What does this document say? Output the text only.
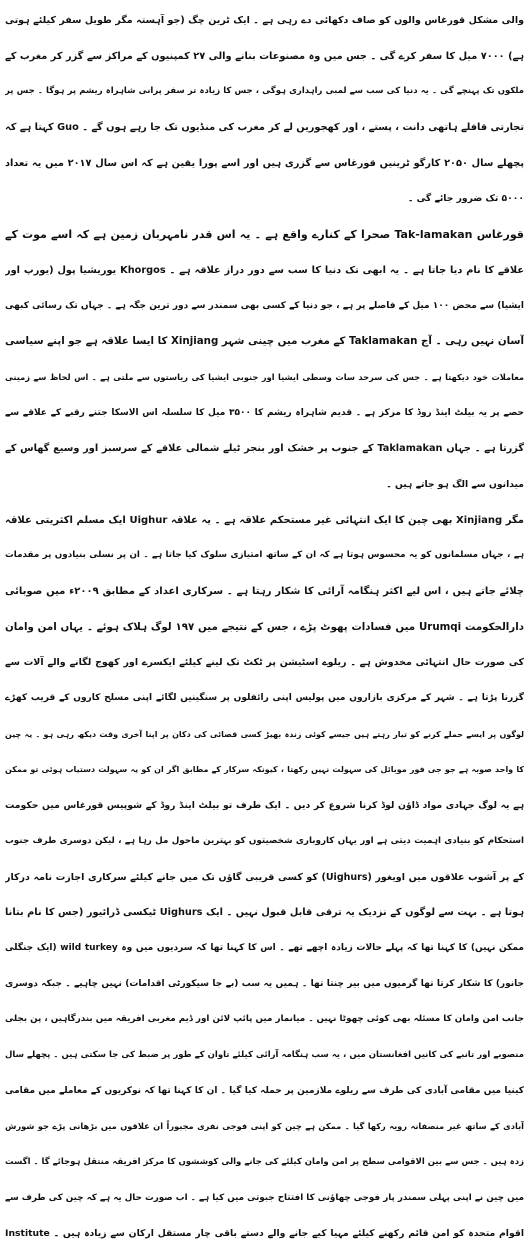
والی مشکل قورغاس والوں کو صاف دکھائی دے رہی ہے ۔ ایک ٹرین چگ (جو آہستہ مگر طویل سفر کیلئے ہوتی
ہے) ۷۰۰۰ میل کا سفر کرے گی ۔ جس میں وہ مصنوعات بنانے والی ۲۷ کمپنیوں کے مراکز سے گزر کر مغرب کے
ملکوں تک پہنچے گی ۔ یہ دنیا کی سب سے لمبی راہداری ہوگی ، جس کا زیادہ تر سفر پرانی شاہراہ ریشم پر ہوگا ۔ جس پر
تجارتی قافلے ہاتھی دانت ، پستے ، اور کھجوریں لے کر مغرب کی منڈیوں تک جا رہے ہوں گے ۔ Guo کہتا ہے کہ
پچھلے سال ۲۰۵۰ کارگو ٹرینیں قورغاس سے گزری ہیں اور اسے پورا یقین ہے کہ اس سال ۲۰۱۷ میں یہ تعداد
۵۰۰۰ تک ضرور جائے گی ۔
قورغاس Tak-lamakan صحرا کے کنارے واقع ہے ۔ یہ اس قدر نامہربان زمین ہے کہ اسے موت کے
علاقے کا نام دیا جاتا ہے ۔ یہ ابھی تک دنیا کا سب سے دور دراز علاقہ ہے ۔ Khorgos یوریشیا پول (یورپ اور
ایشیا) سے محض ۱۰۰ میل کے فاصلے پر ہے ، جو دنیا کے کسی بھی سمندر سے دور ترین جگہ ہے ۔ جہاں تک رسائی کبھی
آسان نہیں رہی ۔ آج Taklamakan کے مغرب میں چینی شہر Xinjiang کا ایسا علاقہ ہے جو اپنے سیاسی
معاملات خود دیکھتا ہے ۔ جس کی سرحد سات وسطی ایشیا اور جنوبی ایشیا کی ریاستوں سے ملتی ہے ۔ اس لحاظ سے زمینی
حصے پر یہ بیلٹ اینڈ روڈ کا مرکز ہے ۔ قدیم شاہراہ ریشم کا ۳۵۰۰ میل کا سلسلہ اس الاسکا جتنے رقبے کے علاقے سے
گزرتا ہے ۔ جہاں Taklamakan کے جنوب پر خشک اور بنجر ٹیلے شمالی علاقے کے سرسبز اور وسیع گھاس کے
میدانوں سے الگ ہو جاتے ہیں ۔
مگر Xinjiang بھی چین کا ایک انتہائی غیر مستحکم علاقہ ہے ۔ یہ علاقہ Uighur ایک مسلم اکثریتی علاقہ
ہے ، جہاں مسلمانوں کو یہ محسوس ہوتا ہے کہ ان کے ساتھ امتیازی سلوک کیا جاتا ہے ۔ ان پر نسلی بنیادوں پر مقدمات
چلائے جاتے ہیں ، اس لیے اکثر ہنگامہ آرائی کا شکار رہتا ہے ۔ سرکاری اعداد کے مطابق ۲۰۰۹ء میں صوبائی
دارالحکومت Urumqi میں فسادات پھوٹ پڑے ، جس کے نتیجے میں ۱۹۷ لوگ ہلاک ہوئے ۔ یہاں امن وامان
کی صورت حال انتہائی مخدوش ہے ۔ ریلوے اسٹیشن پر ٹکٹ تک لینے کیلئے ایکسرے اور کھوج لگانے والے آلات سے
گزرنا پڑتا ہے ۔ شہر کے مرکزی بازاروں میں پولیس اپنی رائفلوں پر سنگینیں لگائے اپنی مسلح کاروں کے قریب کھڑے
لوگوں پر ایسے حملے کرنے کو تیار رہتے ہیں جیسے کوئی زندہ بھیڑ کسی قصائی کی دکان پر اپنا آخری وقت دیکھ رہی ہو ۔ یہ چین
کا واحد صوبہ ہے جو جی فور موبائل کی سہولت نہیں رکھتا ، کیونکہ سرکار کے مطابق اگر ان کو یہ سہولت دستیاب ہوئی تو ممکن
ہے یہ لوگ جہادی مواد ڈاؤن لوڈ کرنا شروع کر دیں ۔ ایک طرف تو بیلٹ اینڈ روڈ کے شوپیس قورغاس میں حکومت
استحکام کو بنیادی اہمیت دیتی ہے اور یہاں کاروباری شخصیتوں کو بہترین ماحول مل رہا ہے ، لیکن دوسری طرف جنوب
کے پر آشوب علاقوں میں اویغور (Uighurs) کو کسی قریبی گاؤں تک میں جانے کیلئے سرکاری اجازت نامہ درکار
ہوتا ہے ۔ بہت سے لوگوں کے نزدیک یہ ترقی قابل قبول نہیں ۔ ایک Uighurs ٹیکسی ڈرائیور (جس کا نام بتانا
ممکن نہیں) کا کہنا تھا کہ پہلے حالات زیادہ اچھے تھے ۔ اس کا کہنا تھا کہ سردیوں میں وہ wild turkey (ایک جنگلی
جانور) کا شکار کرتا تھا گرمیوں میں بیر چنتا تھا ۔ ہمیں یہ سب (بے جا سیکورٹی اقدامات) نہیں چاہیے ۔ جبکہ دوسری
جانب امن وامان کا مسئلہ بھی کوئی چھوٹا نہیں ۔ میانمار میں پائپ لائن اور ڈیم مغربی افریقہ میں بندرگاہیں ، پن بجلی
منصوبے اور تانبے کی کانیں افغانستان میں ، یہ سب ہنگامہ آرائی کیلئے تاوان کے طور پر ضبط کی جا سکتی ہیں ۔ پچھلے سال
کینیا میں مقامی آبادی کی طرف سے ریلوے ملازمین پر حملہ کیا گیا ۔ ان کا کہنا تھا کہ نوکریوں کے معاملے میں مقامی
آبادی کے ساتھ غیر منصفانہ رویہ رکھا گیا ۔ ممکن ہے چین کو اپنی فوجی نفری مجبوراً ان علاقوں میں بڑھانی پڑے جو شورش
زدہ ہیں ۔ جس سے بین الاقوامی سطح پر امن وامان کیلئے کی جانے والی کوششوں کا مرکز افریقہ منتقل ہوجائے گا ۔ اگست
میں چین نے اپنی پہلی سمندر پار فوجی چھاؤنی کا افتتاح جبوتی میں کیا ہے ۔ اب صورت حال یہ ہے کہ چین کی طرف سے
اقوام متحدہ کو امن قائم رکھنے کیلئے مہیا کیے جانے والے دستے باقی چار مستقل ارکان سے زیادہ ہیں ۔ Institute
